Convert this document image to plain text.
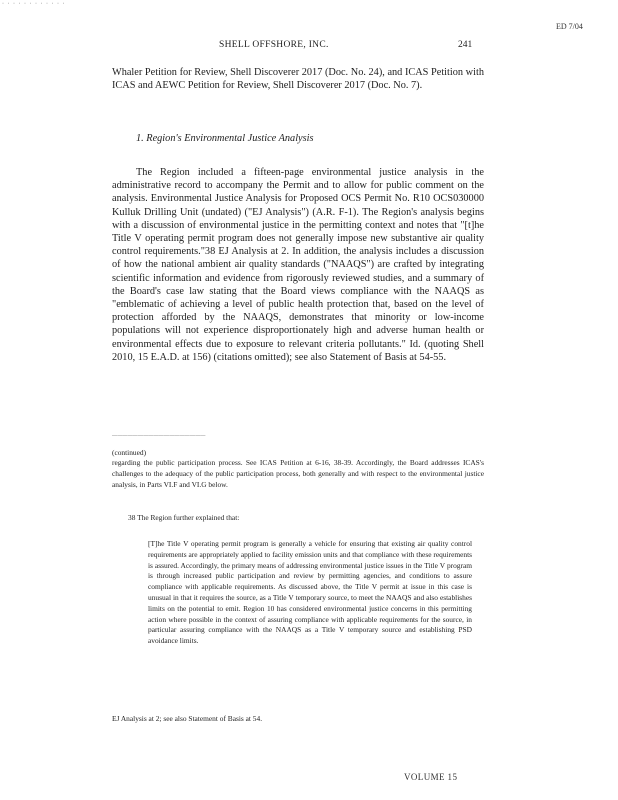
· · · · · · · · · · · ·
ED 7/04
SHELL OFFSHORE, INC.	241
Whaler Petition for Review, Shell Discoverer 2017 (Doc. No. 24), and ICAS Petition with ICAS and AEWC Petition for Review, Shell Discoverer 2017 (Doc. No. 7).
1. Region's Environmental Justice Analysis
The Region included a fifteen-page environmental justice analysis in the administrative record to accompany the Permit and to allow for public comment on the analysis. Environmental Justice Analysis for Proposed OCS Permit No. R10 OCS030000 Kulluk Drilling Unit (undated) ("EJ Analysis") (A.R. F-1). The Region's analysis begins with a discussion of environmental justice in the permitting context and notes that "[t]he Title V operating permit program does not generally impose new substantive air quality control requirements."38 EJ Analysis at 2. In addition, the analysis includes a discussion of how the national ambient air quality standards ("NAAQS") are crafted by integrating scientific information and evidence from rigorously reviewed studies, and a summary of the Board's case law stating that the Board views compliance with the NAAQS as "emblematic of achieving a level of public health protection that, based on the level of protection afforded by the NAAQS, demonstrates that minority or low-income populations will not experience disproportionately high and adverse human health or environmental effects due to exposure to relevant criteria pollutants." Id. (quoting Shell 2010, 15 E.A.D. at 156) (citations omitted); see also Statement of Basis at 54-55.
——————————————————
(continued)
regarding the public participation process. See ICAS Petition at 6-16, 38-39. Accordingly, the Board addresses ICAS's challenges to the adequacy of the public participation process, both generally and with respect to the environmental justice analysis, in Parts VI.F and VI.G below.
38 The Region further explained that:
[T]he Title V operating permit program is generally a vehicle for ensuring that existing air quality control requirements are appropriately applied to facility emission units and that compliance with these requirements is assured. Accordingly, the primary means of addressing environmental justice issues in the Title V program is through increased public participation and review by permitting agencies, and conditions to assure compliance with applicable requirements. As discussed above, the Title V permit at issue in this case is unusual in that it requires the source, as a Title V temporary source, to meet the NAAQS and also establishes limits on the potential to emit. Region 10 has considered environmental justice concerns in this permitting action where possible in the context of assuring compliance with applicable requirements for the source, in particular assuring compliance with the NAAQS as a Title V temporary source and establishing PSD avoidance limits.
EJ Analysis at 2; see also Statement of Basis at 54.
VOLUME 15
